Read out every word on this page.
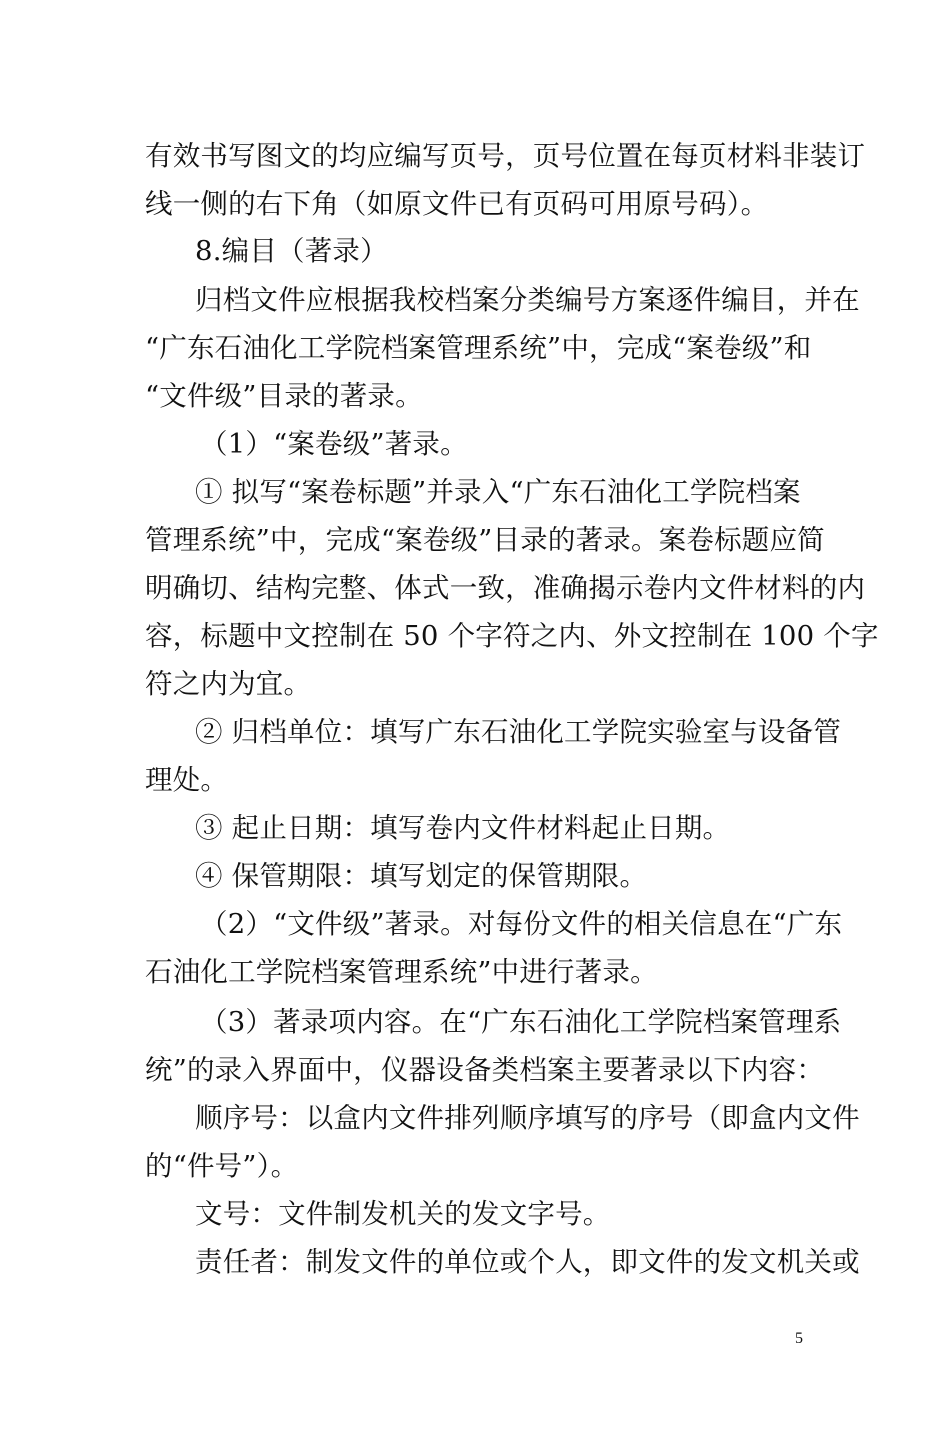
有效书写图文的均应编写页号，页号位置在每页材料非装订
线一侧的右下角（如原文件已有页码可用原号码）。
8.编目（著录）
归档文件应根据我校档案分类编号方案逐件编目，并在
“广东石油化工学院档案管理系统”中，完成“案卷级”和
“文件级”目录的著录。
（1）“案卷级”著录。
① 拟写“案卷标题”并录入“广东石油化工学院档案
管理系统”中，完成“案卷级”目录的著录。案卷标题应简
明确切、结构完整、体式一致，准确揭示卷内文件材料的内
容，标题中文控制在 50 个字符之内、外文控制在 100 个字
符之内为宜。
② 归档单位：填写广东石油化工学院实验室与设备管
理处。
③ 起止日期：填写卷内文件材料起止日期。
④ 保管期限：填写划定的保管期限。
（2）“文件级”著录。对每份文件的相关信息在“广东
石油化工学院档案管理系统”中进行著录。
（3）著录项内容。在“广东石油化工学院档案管理系
统”的录入界面中，仪器设备类档案主要著录以下内容：
顺序号：以盒内文件排列顺序填写的序号（即盒内文件
的“件号”）。
文号：文件制发机关的发文字号。
责任者：制发文件的单位或个人，即文件的发文机关或
5
